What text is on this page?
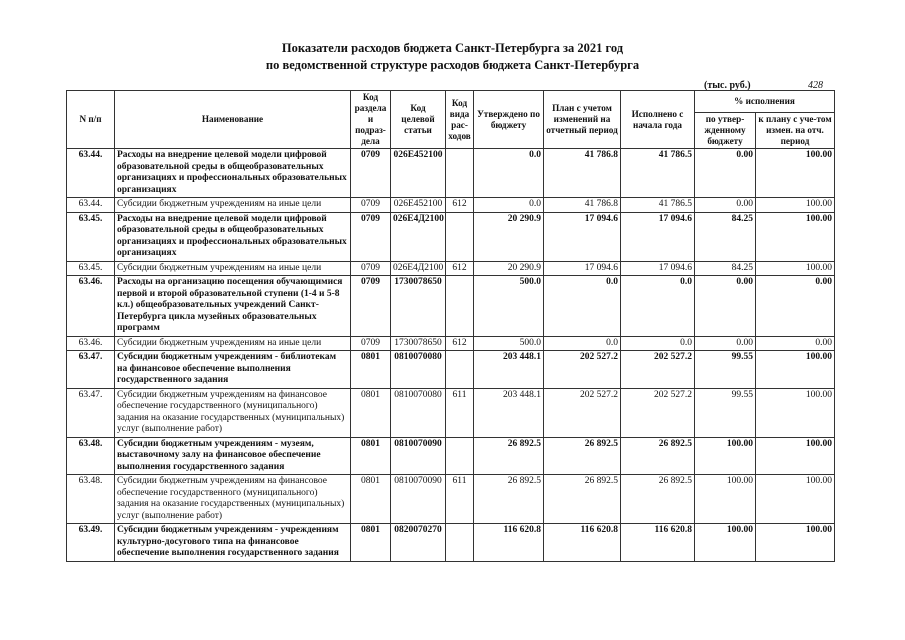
Показатели расходов бюджета Санкт-Петербурга за 2021 год
по ведомственной структуре расходов бюджета Санкт-Петербурга
(тыс. руб.)	428
N п/п	Наименование	Код раздела и подраз-дела	Код целевой статьи	Код вида рас-ходов	Утверждено по бюджету	План с учетом изменений на отчетный период	Исполнено с начала года	% исполнения	
								по утвер-жденному бюджету	к плану с уче-том измен. на отч. период
63.44.	Расходы на внедрение целевой модели цифровой образовательной среды в общеобразовательных организациях и профессиональных образовательных организациях	0709	026Е452100		0.0	41 786.8	41 786.5	0.00	100.00
63.44.	Субсидии бюджетным учреждениям на иные цели	0709	026Е452100	612	0.0	41 786.8	41 786.5	0.00	100.00
63.45.	Расходы на внедрение целевой модели цифровой образовательной среды в общеобразовательных организациях и профессиональных образовательных организациях	0709	026Е4Д2100		20 290.9	17 094.6	17 094.6	84.25	100.00
63.45.	Субсидии бюджетным учреждениям на иные цели	0709	026Е4Д2100	612	20 290.9	17 094.6	17 094.6	84.25	100.00
63.46.	Расходы на организацию посещения обучающимися первой и второй образовательной ступени (1-4 и 5-8 кл.) общеобразовательных учреждений Санкт-Петербурга цикла музейных образовательных программ	0709	1730078650		500.0	0.0	0.0	0.00	0.00
63.46.	Субсидии бюджетным учреждениям на иные цели	0709	1730078650	612	500.0	0.0	0.0	0.00	0.00
63.47.	Субсидии бюджетным учреждениям - библиотекам на финансовое обеспечение выполнения государственного задания	0801	0810070080		203 448.1	202 527.2	202 527.2	99.55	100.00
63.47.	Субсидии бюджетным учреждениям на финансовое обеспечение государственного (муниципального) задания на оказание государственных (муниципальных) услуг (выполнение работ)	0801	0810070080	611	203 448.1	202 527.2	202 527.2	99.55	100.00
63.48.	Субсидии бюджетным учреждениям - музеям, выставочному залу на финансовое обеспечение выполнения государственного задания	0801	0810070090		26 892.5	26 892.5	26 892.5	100.00	100.00
63.48.	Субсидии бюджетным учреждениям на финансовое обеспечение государственного (муниципального) задания на оказание государственных (муниципальных) услуг (выполнение работ)	0801	0810070090	611	26 892.5	26 892.5	26 892.5	100.00	100.00
63.49.	Субсидии бюджетным учреждениям - учреждениям культурно-досугового типа на финансовое обеспечение выполнения государственного задания	0801	0820070270		116 620.8	116 620.8	116 620.8	100.00	100.00
